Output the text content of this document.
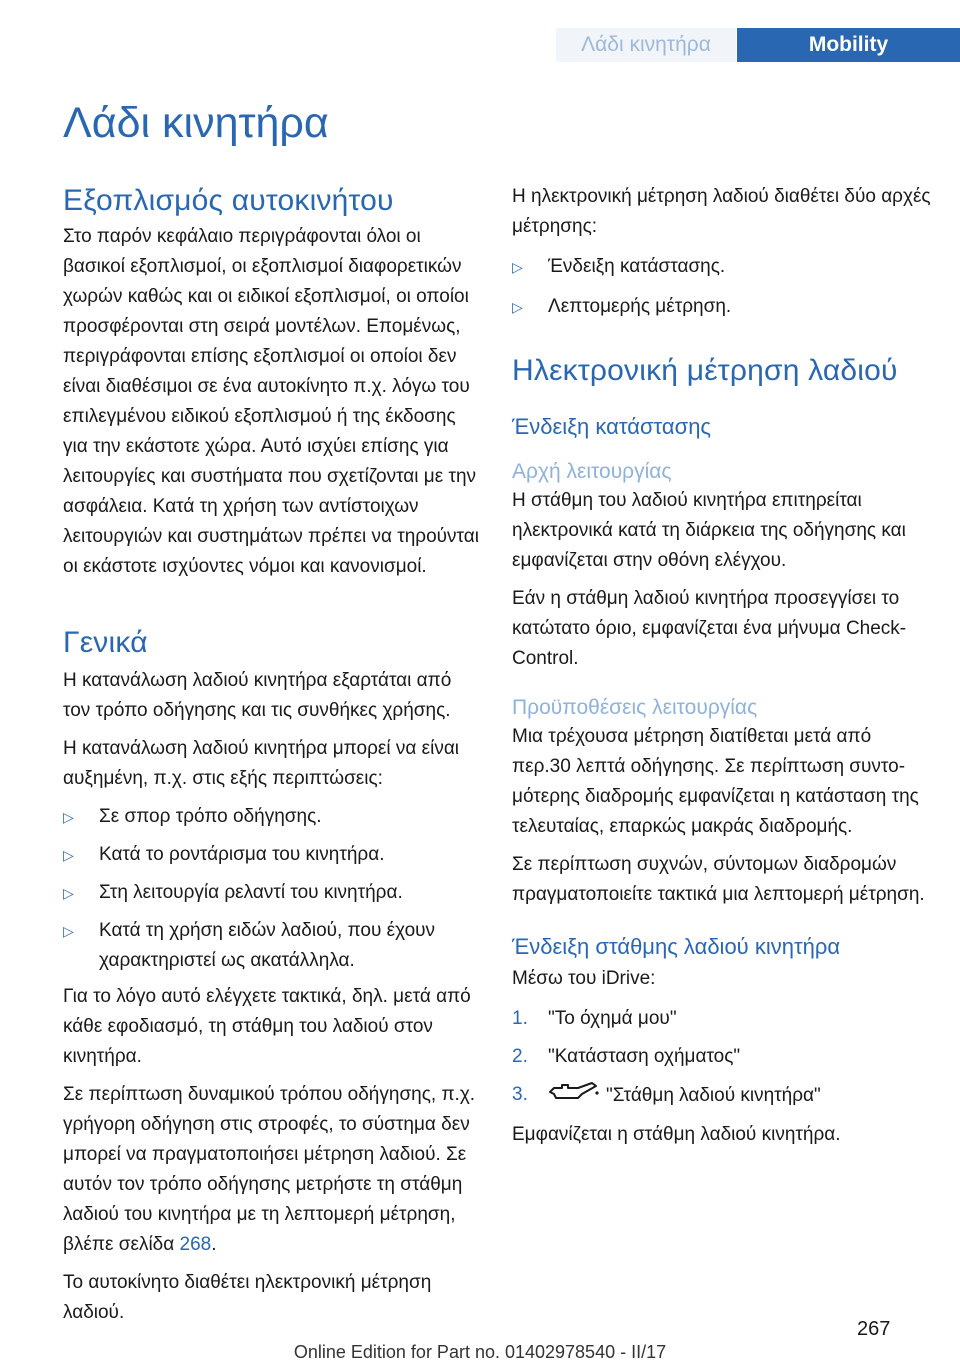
Λάδι κινητήρα	Mobility
Λάδι κινητήρα
Εξοπλισμός αυτοκινήτου

Στο παρόν κεφάλαιο περιγράφονται όλοι οι βασικοί εξοπλισμοί, οι εξοπλισμοί διαφορετικών χωρών καθώς και οι ειδικοί εξοπλισμοί, οι οποίοι προσφέρονται στη σειρά μοντέλων. Επομένως, περιγράφονται επίσης εξοπλισμοί οι οποίοι δεν είναι διαθέσιμοι σε ένα αυτοκίνητο π.χ. λόγω του επιλεγμένου ειδικού εξοπλισμού ή της έκδοσης για την εκάστοτε χώρα. Αυτό ισχύει επίσης για λειτουργίες και συστήματα που σχετίζονται με την ασφάλεια. Κατά τη χρήση των αντίστοιχων λειτουργιών και συστημάτων πρέπει να τηρούνται οι εκάστοτε ισχύοντες νόμοι και κανονισμοί.

Γενικά

Η κατανάλωση λαδιού κινητήρα εξαρτάται από τον τρόπο οδήγησης και τις συνθήκες χρήσης.

Η κατανάλωση λαδιού κινητήρα μπορεί να είναι αυξημένη, π.χ. στις εξής περιπτώσεις:

▷ Σε σπορ τρόπο οδήγησης.
▷ Κατά το ροντάρισμα του κινητήρα.
▷ Στη λειτουργία ρελαντί του κινητήρα.
▷ Κατά τη χρήση ειδών λαδιού, που έχουν χαρακτηριστεί ως ακατάλληλα.

Για το λόγο αυτό ελέγχετε τακτικά, δηλ. μετά από κάθε εφοδιασμό, τη στάθμη του λαδιού στον κινητήρα.

Σε περίπτωση δυναμικού τρόπου οδήγησης, π.χ. γρήγορη οδήγηση στις στροφές, το σύστημα δεν μπορεί να πραγματοποιήσει μέτρηση λαδιού. Σε αυτόν τον τρόπο οδήγησης μετρήστε τη στάθμη λαδιού του κινητήρα με τη λεπτομερή μέτρηση, βλέπε σελίδα 268.

Το αυτοκίνητο διαθέτει ηλεκτρονική μέτρηση λαδιού.

Η ηλεκτρονική μέτρηση λαδιού διαθέτει δύο αρχές μέτρησης:

▷ Ένδειξη κατάστασης.
▷ Λεπτομερής μέτρηση.
Ηλεκτρονική μέτρηση λαδιού
Ένδειξη κατάστασης
Αρχή λειτουργίας

Η στάθμη του λαδιού κινητήρα επιτηρείται ηλεκτρονικά κατά τη διάρκεια της οδήγησης και εμφανίζεται στην οθόνη ελέγχου.

Εάν η στάθμη λαδιού κινητήρα προσεγγίσει το κατώτατο όριο, εμφανίζεται ένα μήνυμα Check-Control.

Προϋποθέσεις λειτουργίας

Μια τρέχουσα μέτρηση διατίθεται μετά από περ.30 λεπτά οδήγησης. Σε περίπτωση συντομότερης διαδρομής εμφανίζεται η κατάσταση της τελευταίας, επαρκώς μακράς διαδρομής.

Σε περίπτωση συχνών, σύντομων διαδρομών πραγματοποιείτε τακτικά μια λεπτομερή μέτρηση.

Ένδειξη στάθμης λαδιού κινητήρα

Μέσω του iDrive:

1. "Το όχημά μου"
2. "Κατάσταση οχήματος"
3.	"Στάθμη λαδιού κινητήρα"

Εμφανίζεται η στάθμη λαδιού κινητήρα.

267
Online Edition for Part no. 01402978540 - II/17
